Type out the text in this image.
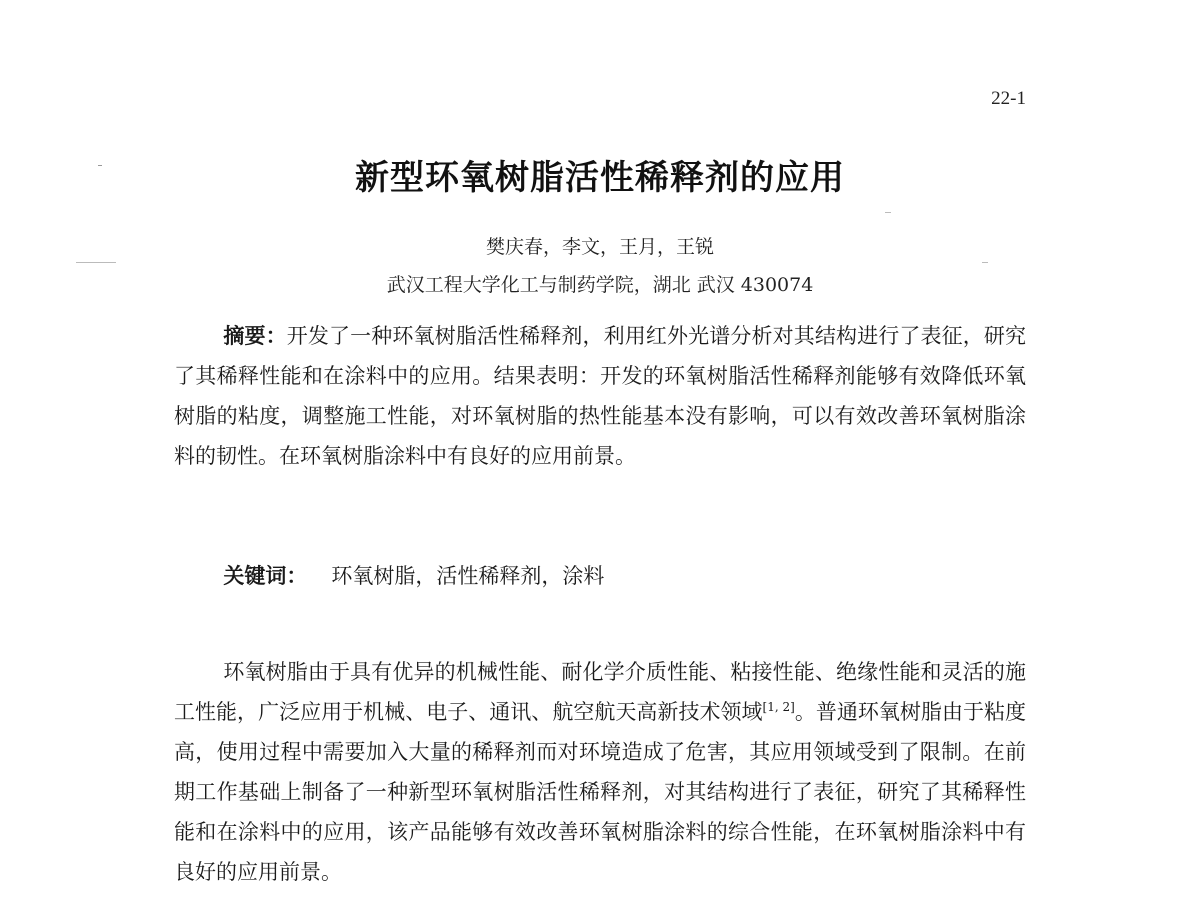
22-1
新型环氧树脂活性稀释剂的应用
樊庆春，李文，王月，王锐
武汉工程大学化工与制药学院，湖北 武汉 430074

摘要：开发了一种环氧树脂活性稀释剂，利用红外光谱分析对其结构进行了表征，研究了其稀释性能和在涂料中的应用。结果表明：开发的环氧树脂活性稀释剂能够有效降低环氧树脂的粘度，调整施工性能，对环氧树脂的热性能基本没有影响，可以有效改善环氧树脂涂料的韧性。在环氧树脂涂料中有良好的应用前景。

关键词： 环氧树脂，活性稀释剂，涂料

环氧树脂由于具有优异的机械性能、耐化学介质性能、粘接性能、绝缘性能和灵活的施工性能，广泛应用于机械、电子、通讯、航空航天高新技术领域[1, 2]。普通环氧树脂由于粘度高，使用过程中需要加入大量的稀释剂而对环境造成了危害，其应用领域受到了限制。在前期工作基础上制备了一种新型环氧树脂活性稀释剂，对其结构进行了表征，研究了其稀释性能和在涂料中的应用，该产品能够有效改善环氧树脂涂料的综合性能，在环氧树脂涂料中有良好的应用前景。
